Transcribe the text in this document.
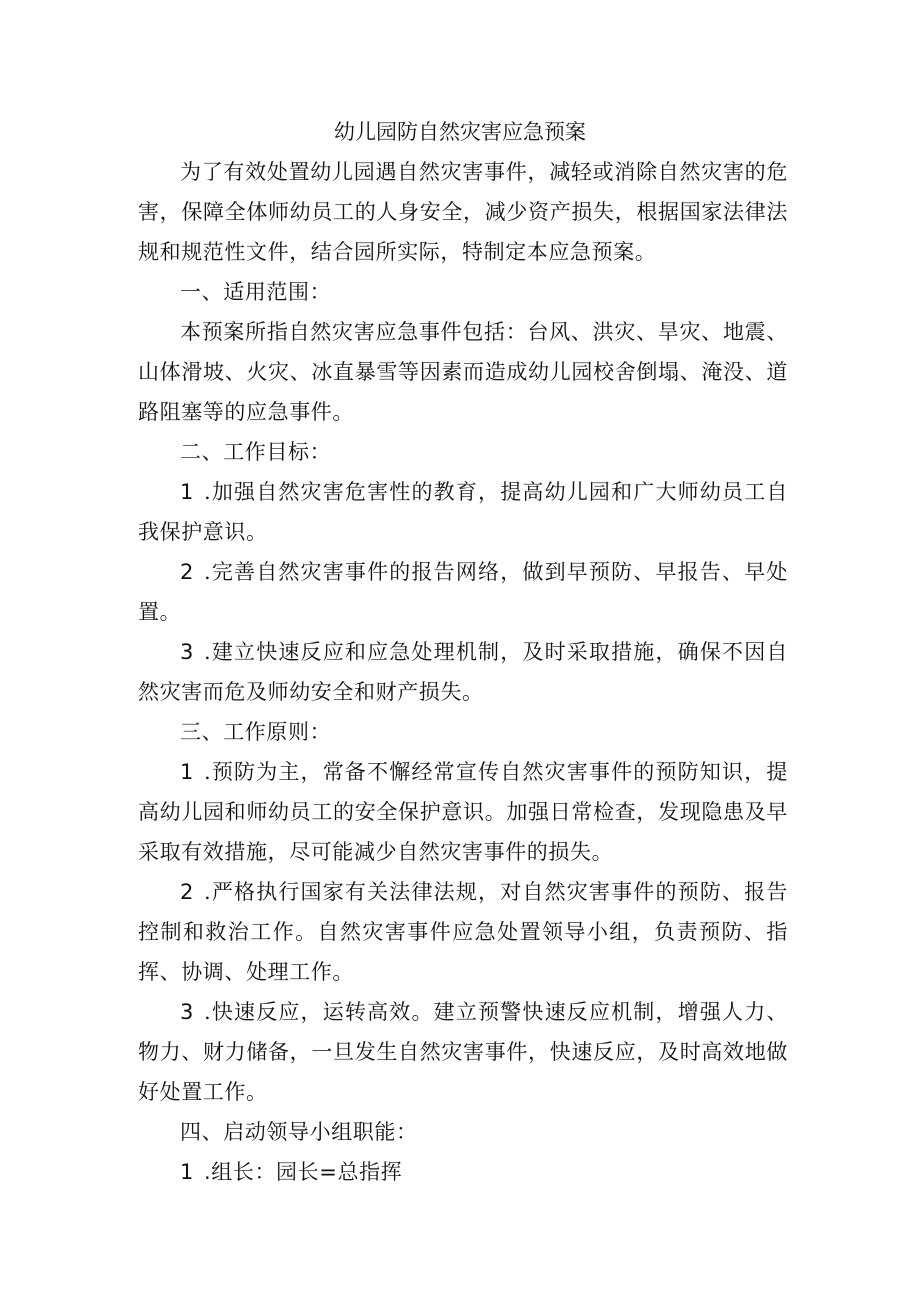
幼儿园防自然灾害应急预案

为了有效处置幼儿园遇自然灾害事件，减轻或消除自然灾害的危害，保障全体师幼员工的人身安全，减少资产损失，根据国家法律法规和规范性文件，结合园所实际，特制定本应急预案。

一、适用范围：

本预案所指自然灾害应急事件包括：台风、洪灾、旱灾、地震、山体滑坡、火灾、冰直暴雪等因素而造成幼儿园校舍倒塌、淹没、道路阻塞等的应急事件。

二、工作目标：

1 .加强自然灾害危害性的教育，提高幼儿园和广大师幼员工自我保护意识。

2 .完善自然灾害事件的报告网络，做到早预防、早报告、早处置。

3 .建立快速反应和应急处理机制，及时采取措施，确保不因自然灾害而危及师幼安全和财产损失。

三、工作原则：

1 .预防为主，常备不懈经常宣传自然灾害事件的预防知识，提高幼儿园和师幼员工的安全保护意识。加强日常检查，发现隐患及早采取有效措施，尽可能减少自然灾害事件的损失。

2 .严格执行国家有关法律法规，对自然灾害事件的预防、报告控制和救治工作。自然灾害事件应急处置领导小组，负责预防、指挥、协调、处理工作。

3 .快速反应，运转高效。建立预警快速反应机制，增强人力、物力、财力储备，一旦发生自然灾害事件，快速反应，及时高效地做好处置工作。

四、启动领导小组职能：

1 .组长：园长=总指挥
